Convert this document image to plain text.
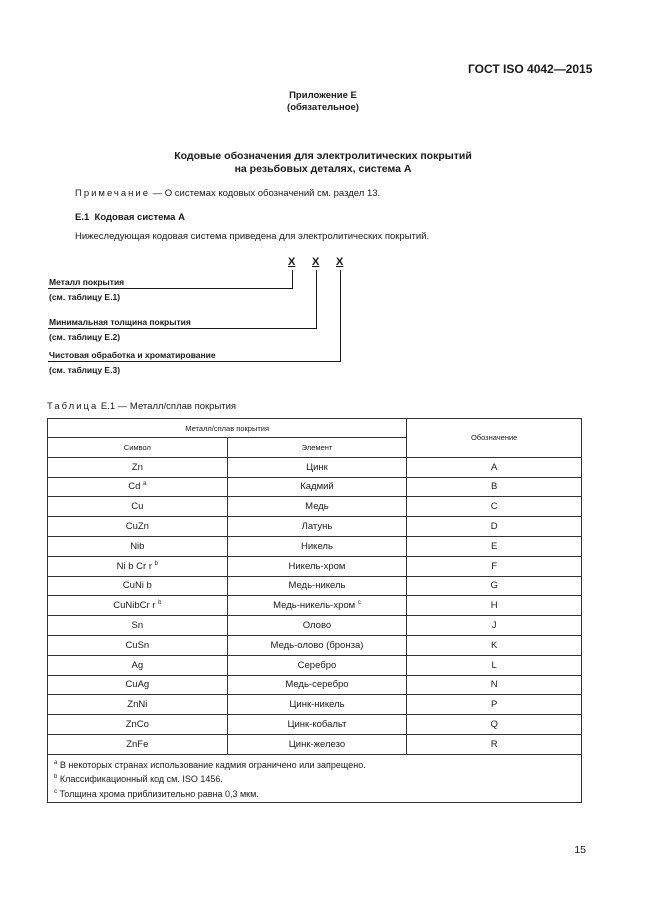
ГОСТ ISO 4042—2015
Приложение Е
(обязательное)
Кодовые обозначения для электролитических покрытий
на резьбовых деталях, система А
Примечание — О системах кодовых обозначений см. раздел 13.
Е.1 Кодовая система А
Нижеследующая кодовая система приведена для электролитических покрытий.
X X X
Металл покрытия
(см. таблицу Е.1)
Минимальная толщина покрытия
(см. таблицу Е.2)
Чистовая обработка и хроматирование
(см. таблицу Е.3)
Таблица Е.1 — Металл/сплав покрытия
Металл/сплав покрытия		Обозначение
Символ	Элемент	
Zn	Цинк	A
Cd $^a$	Кадмий	B
Cu	Медь	C
CuZn	Латунь	D
Nib	Никель	E
Ni b Cr r $^b$	Никель-хром	F
CuNi b	Медь-никель	G
CuNibCr r $^b$	Медь-никель-хром $^c$	H
Sn	Олово	J
CuSn	Медь-олово (бронза)	K
Ag	Серебро	L
CuAg	Медь-серебро	N
ZnNi	Цинк-никель	P
ZnCo	Цинк-кобальт	Q
ZnFe	Цинк-железо	R

$^a$ В некоторых странах использование кадмия ограничено или запрещено.
$^b$ Классификационный код см. ISO 1456.
$^c$ Толщина хрома приблизительно равна 0,3 мкм.		
15
